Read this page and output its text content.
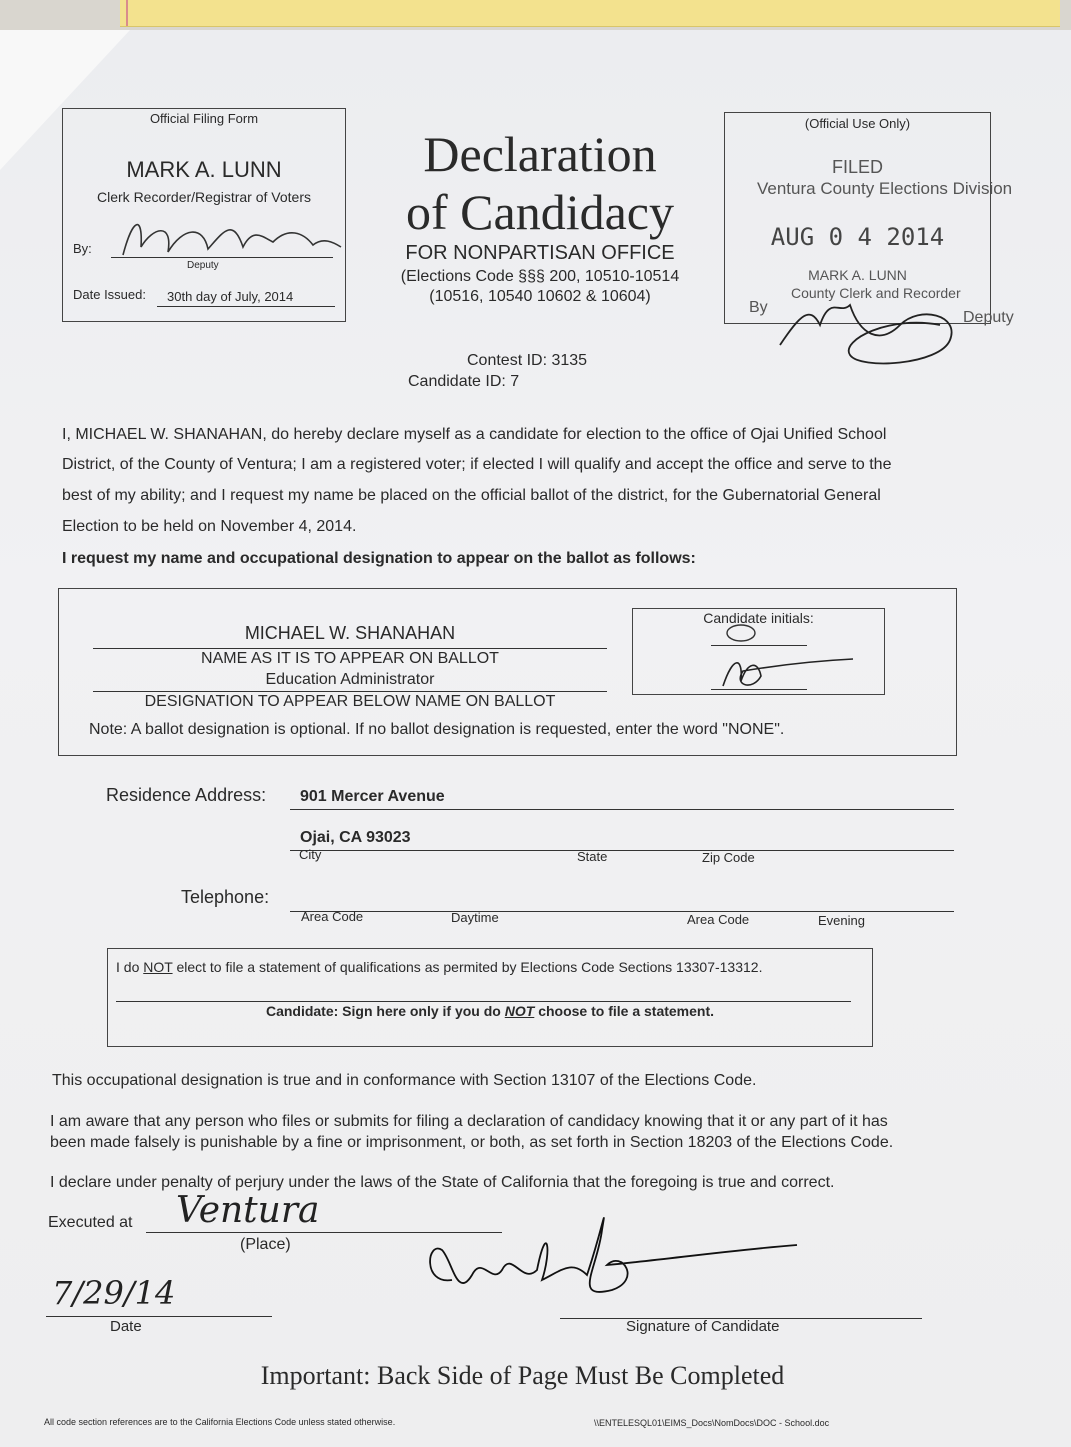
Official Filing Form
MARK A. LUNN
Clerk Recorder/Registrar of Voters
By:
Deputy
Date Issued: 30th day of July, 2014
Declaration
of Candidacy
FOR NONPARTISAN OFFICE
(Elections Code §§§ 200, 10510-10514
(10516, 10540 10602 & 10604)
(Official Use Only)
FILED
Ventura County Elections Division
AUG 0 4 2014
MARK A. LUNN
County Clerk and Recorder
By
Deputy
Contest ID: 3135
Candidate ID: 7
I, MICHAEL W. SHANAHAN, do hereby declare myself as a candidate for election to the office of Ojai Unified School
District, of the County of Ventura; I am a registered voter; if elected I will qualify and accept the office and serve to the
best of my ability; and I request my name be placed on the official ballot of the district, for the Gubernatorial General
Election to be held on November 4, 2014.
I request my name and occupational designation to appear on the ballot as follows:
MICHAEL W. SHANAHAN
NAME AS IT IS TO APPEAR ON BALLOT
Education Administrator
DESIGNATION TO APPEAR BELOW NAME ON BALLOT
Note: A ballot designation is optional. If no ballot designation is requested, enter the word "NONE".
Candidate initials:
Residence Address: 901 Mercer Avenue
Ojai, CA 93023
City	State	Zip Code
Telephone:
Area Code	Daytime	Area Code	Evening
I do NOT elect to file a statement of qualifications as permited by Elections Code Sections 13307-13312.
Candidate: Sign here only if you do NOT choose to file a statement.
This occupational designation is true and in conformance with Section 13107 of the Elections Code.
I am aware that any person who files or submits for filing a declaration of candidacy knowing that it or any part of it has
been made falsely is punishable by a fine or imprisonment, or both, as set forth in Section 18203 of the Elections Code.
I declare under penalty of perjury under the laws of the State of California that the foregoing is true and correct.
Executed at Ventura
(Place)
7/29/14
Date	Signature of Candidate
Important: Back Side of Page Must Be Completed
All code section references are to the California Elections Code unless stated otherwise.	\\ENTELESQL01\EIMS_Docs\NomDocs\DOC - School.doc
